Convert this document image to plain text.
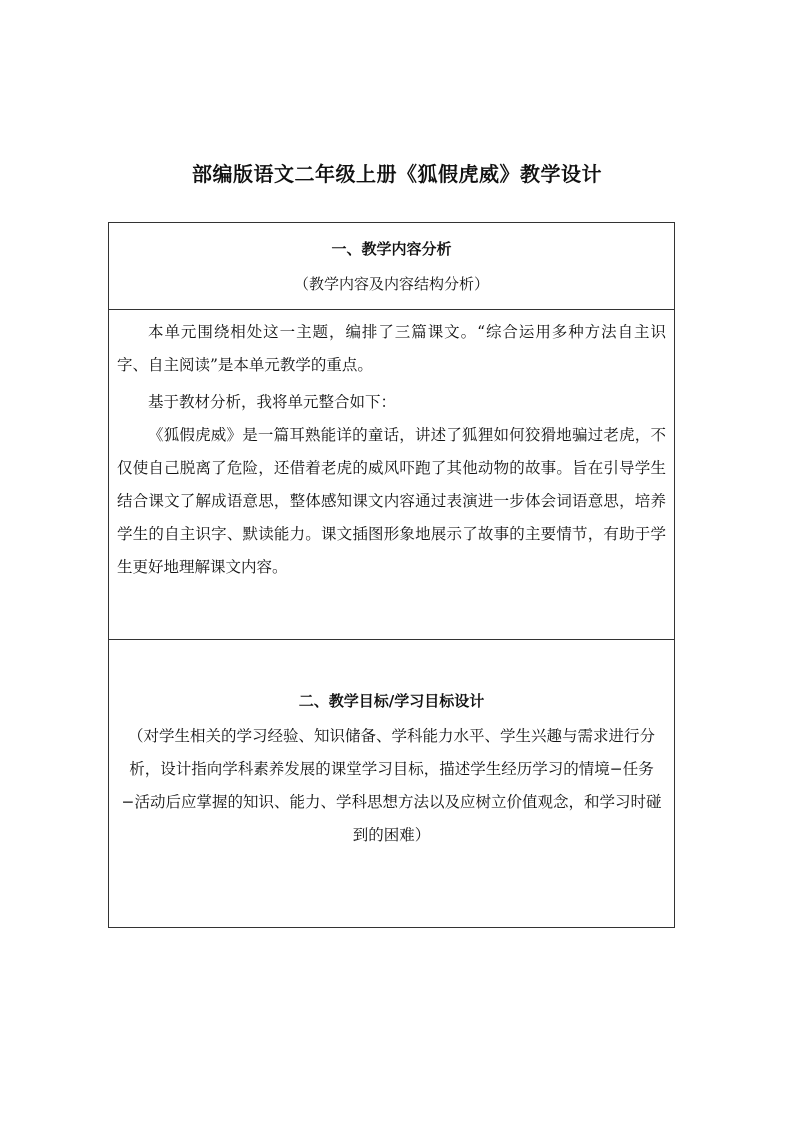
部编版语文二年级上册《狐假虎威》教学设计
一、教学内容分析
（教学内容及内容结构分析）

本单元围绕相处这一主题，编排了三篇课文。“综合运用多种方法自主识字、自主阅读”是本单元教学的重点。

基于教材分析，我将单元整合如下：

《狐假虎威》是一篇耳熟能详的童话，讲述了狐狸如何狡猾地骗过老虎，不仅使自己脱离了危险，还借着老虎的威风吓跑了其他动物的故事。旨在引导学生结合课文了解成语意思，整体感知课文内容通过表演进一步体会词语意思，培养学生的自主识字、默读能力。课文插图形象地展示了故事的主要情节，有助于学生更好地理解课文内容。

二、教学目标/学习目标设计
（对学生相关的学习经验、知识储备、学科能力水平、学生兴趣与需求进行分析，设计指向学科素养发展的课堂学习目标，描述学生经历学习的情境−任务−活动后应掌握的知识、能力、学科思想方法以及应树立价值观念，和学习时碰到的困难）
